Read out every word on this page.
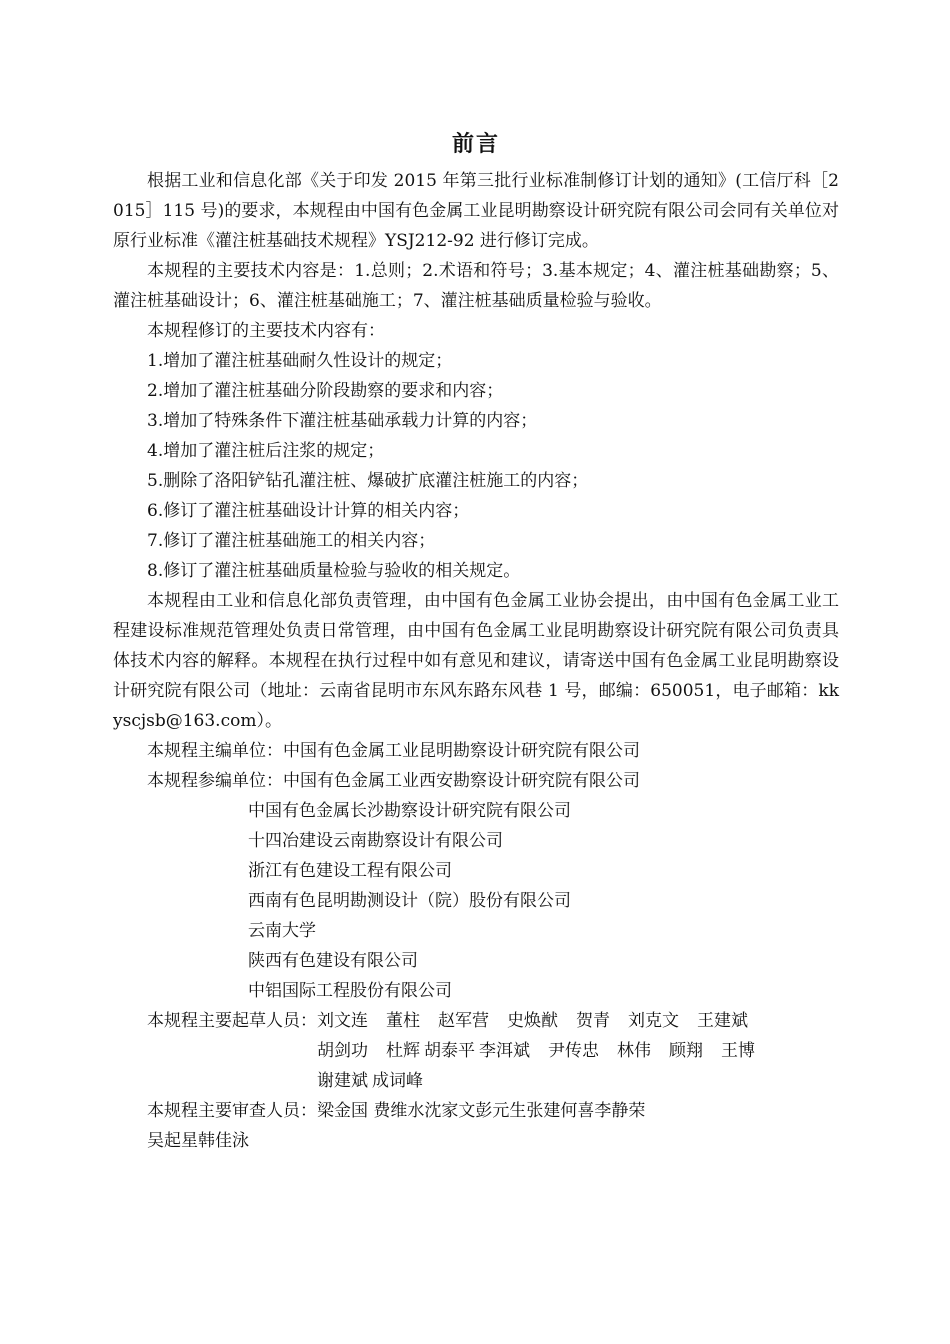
前言

根据工业和信息化部《关于印发 2015 年第三批行业标准制修订计划的通知》(工信厅科［2015］115 号)的要求，本规程由中国有色金属工业昆明勘察设计研究院有限公司会同有关单位对原行业标准《灌注桩基础技术规程》YSJ212-92 进行修订完成。

本规程的主要技术内容是：1.总则；2.术语和符号；3.基本规定；4、灌注桩基础勘察；5、灌注桩基础设计；6、灌注桩基础施工；7、灌注桩基础质量检验与验收。

本规程修订的主要技术内容有：

1.增加了灌注桩基础耐久性设计的规定；

2.增加了灌注桩基础分阶段勘察的要求和内容；

3.增加了特殊条件下灌注桩基础承载力计算的内容；

4.增加了灌注桩后注浆的规定；

5.删除了洛阳铲钻孔灌注桩、爆破扩底灌注桩施工的内容；

6.修订了灌注桩基础设计计算的相关内容；

7.修订了灌注桩基础施工的相关内容；

8.修订了灌注桩基础质量检验与验收的相关规定。

本规程由工业和信息化部负责管理，由中国有色金属工业协会提出，由中国有色金属工业工程建设标准规范管理处负责日常管理，由中国有色金属工业昆明勘察设计研究院有限公司负责具体技术内容的解释。本规程在执行过程中如有意见和建议，请寄送中国有色金属工业昆明勘察设计研究院有限公司（地址：云南省昆明市东风东路东风巷 1 号，邮编：650051，电子邮箱：kkyscjsb@163.com）。

本规程主编单位：中国有色金属工业昆明勘察设计研究院有限公司

本规程参编单位：中国有色金属工业西安勘察设计研究院有限公司

中国有色金属长沙勘察设计研究院有限公司

十四冶建设云南勘察设计有限公司

浙江有色建设工程有限公司

西南有色昆明勘测设计（院）股份有限公司

云南大学

陕西有色建设有限公司

中铝国际工程股份有限公司

本规程主要起草人员：刘文连 董柱 赵军营 史焕猷 贺青 刘克文 王建斌
胡剑功 杜辉 胡泰平 李洱斌 尹传忠 林伟 顾翔 王博
谢建斌 成词峰
本规程主要审查人员：梁金国 费维水沈家文彭元生张建何喜李静荣
吴起星韩佳泳
